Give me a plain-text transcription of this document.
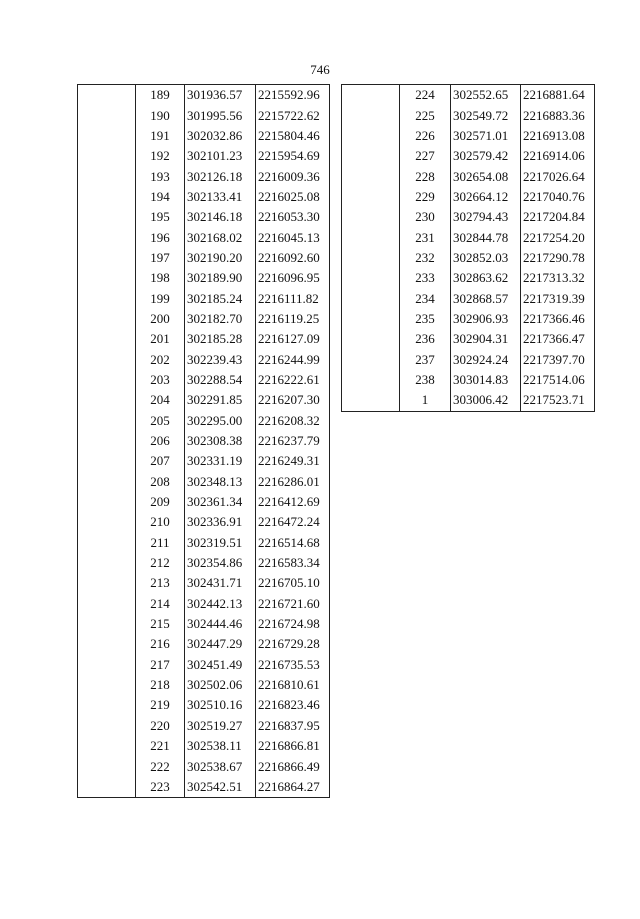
746
	189	301936.57	2215592.96
	190	301995.56	2215722.62
	191	302032.86	2215804.46
	192	302101.23	2215954.69
	193	302126.18	2216009.36
	194	302133.41	2216025.08
	195	302146.18	2216053.30
	196	302168.02	2216045.13
	197	302190.20	2216092.60
	198	302189.90	2216096.95
	199	302185.24	2216111.82
	200	302182.70	2216119.25
	201	302185.28	2216127.09
	202	302239.43	2216244.99
	203	302288.54	2216222.61
	204	302291.85	2216207.30
	205	302295.00	2216208.32
	206	302308.38	2216237.79
	207	302331.19	2216249.31
	208	302348.13	2216286.01
	209	302361.34	2216412.69
	210	302336.91	2216472.24
	211	302319.51	2216514.68
	212	302354.86	2216583.34
	213	302431.71	2216705.10
	214	302442.13	2216721.60
	215	302444.46	2216724.98
	216	302447.29	2216729.28
	217	302451.49	2216735.53
	218	302502.06	2216810.61
	219	302510.16	2216823.46
	220	302519.27	2216837.95
	221	302538.11	2216866.81
	222	302538.67	2216866.49
	223	302542.51	2216864.27
	224	302552.65	2216881.64
	225	302549.72	2216883.36
	226	302571.01	2216913.08
	227	302579.42	2216914.06
	228	302654.08	2217026.64
	229	302664.12	2217040.76
	230	302794.43	2217204.84
	231	302844.78	2217254.20
	232	302852.03	2217290.78
	233	302863.62	2217313.32
	234	302868.57	2217319.39
	235	302906.93	2217366.46
	236	302904.31	2217366.47
	237	302924.24	2217397.70
	238	303014.83	2217514.06
	1	303006.42	2217523.71
